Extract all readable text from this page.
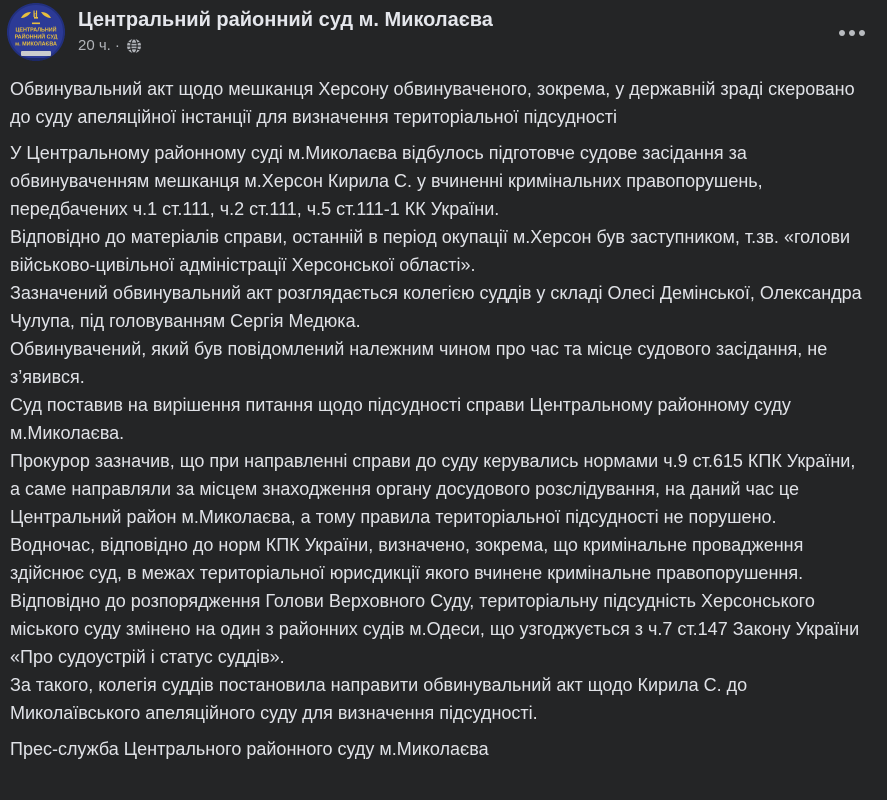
ЦЕНТРАЛЬНИЙ
РАЙОННИЙ СУД
м. МИКОЛАЄВА
Центральний районний суд м. Миколаєва
20 ч. ·
Обвинувальний акт щодо мешканця Херсону обвинуваченого, зокрема, у державній зраді скеровано до суду апеляційної інстанції для визначення територіальної підсудності
У Центральному районному суді м.Миколаєва відбулось підготовче судове засідання за обвинуваченням мешканця м.Херсон Кирила С. у вчиненні кримінальних правопорушень, передбачених ч.1 ст.111, ч.2 ст.111, ч.5 ст.111-1 КК України.
Відповідно до матеріалів справи, останній в період окупації м.Херсон був заступником, т.зв. «голови військово-цивільної адміністрації Херсонської області».
Зазначений обвинувальний акт розглядається колегією суддів у складі Олесі Демінської, Олександра Чулупа, під головуванням Сергія Медюка.
Обвинувачений, який був повідомлений належним чином про час та місце судового засідання, не з’явився.
Суд поставив на вирішення питання щодо підсудності справи Центральному районному суду м.Миколаєва.
Прокурор зазначив, що при направленні справи до суду керувались нормами ч.9 ст.615 КПК України, а саме направляли за місцем знаходження органу досудового розслідування, на даний час це Центральний район м.Миколаєва, а тому правила територіальної підсудності не порушено.
Водночас, відповідно до норм КПК України, визначено, зокрема, що кримінальне провадження здійснює суд, в межах територіальної юрисдикції якого вчинене кримінальне правопорушення.
Відповідно до розпорядження Голови Верховного Суду, територіальну підсудність Херсонського міського суду змінено на один з районних судів м.Одеси, що узгоджується з ч.7 ст.147 Закону України «Про судоустрій і статус суддів».
За такого, колегія суддів постановила направити обвинувальний акт щодо Кирила С. до Миколаївського апеляційного суду для визначення підсудності.
Прес-служба Центрального районного суду м.Миколаєва
